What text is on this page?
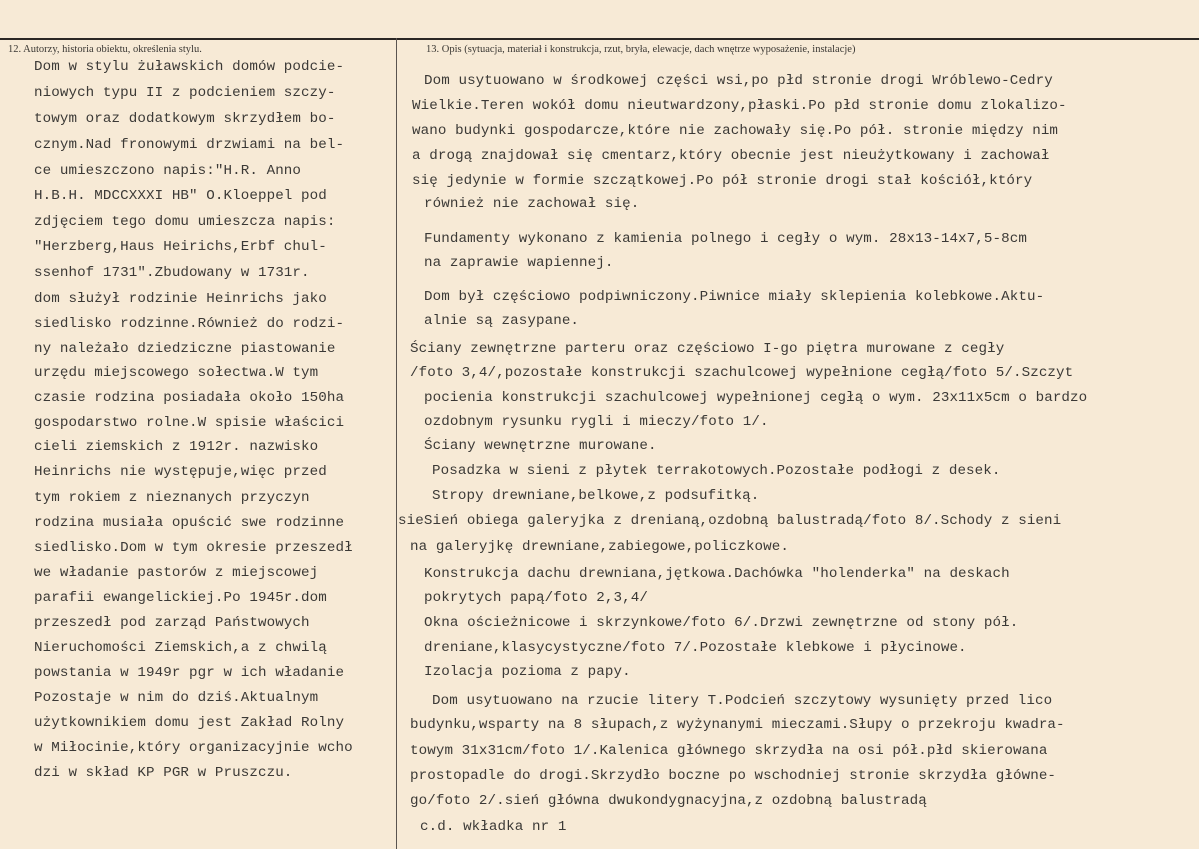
12. Autorzy, historia obiektu, określenia stylu.	13. Opis (sytuacja, materiał i konstrukcja, rzut, bryła, elewacje, dach wnętrze wyposażenie, instalacje)
Dom w stylu żuławskich domów podcie-
niowych typu II z podcieniem szczy-
towym oraz dodatkowym skrzydłem bo-
cznym.Nad fronowymi drzwiami na bel-
ce umieszczono napis:"H.R. Anno
H.B.H. MDCCXXXI HB" O.Kloeppel pod
zdjęciem tego domu umieszcza napis:
"Herzberg,Haus Heirichs,Erbf chul-
ssenhof 1731".Zbudowany w 1731r.
dom służył rodzinie Heinrichs jako
siedlisko rodzinne.Również do rodzi-
ny należało dziedziczne piastowanie
urzędu miejscowego sołectwa.W tym
czasie rodzina posiadała około 150ha
gospodarstwo rolne.W spisie właścici
cieli ziemskich z 1912r. nazwisko
Heinrichs nie występuje,więc przed
tym rokiem z nieznanych przyczyn
rodzina musiała opuścić swe rodzinne
siedlisko.Dom w tym okresie przeszedł
we władanie pastorów z miejscowej
parafii ewangelickiej.Po 1945r.dom
przeszedł pod zarząd Państwowych
Nieruchomości Ziemskich,a z chwilą
powstania w 1949r pgr w ich władanie
Pozostaje w nim do dziś.Aktualnym
użytkownikiem domu jest Zakład Rolny
w Miłocinie,który organizacyjnie wcho
dzi w skład KP PGR w Pruszczu.
Dom usytuowano w środkowej części wsi,po płd stronie drogi Wróblewo-Cedry
Wielkie.Teren wokół domu nieutwardzony,płaski.Po płd stronie domu zlokalizo-
wano budynki gospodarcze,które nie zachowały się.Po pół. stronie między nim
a drogą znajdował się cmentarz,który obecnie jest nieużytkowany i zachował
się jedynie w formie szczątkowej.Po pół stronie drogi stał kościół,który
również nie zachował się.
Fundamenty wykonano z kamienia polnego i cegły o wym. 28x13-14x7,5-8cm
na zaprawie wapiennej.
Dom był częściowo podpiwniczony.Piwnice miały sklepienia kolebkowe.Aktu-
alnie są zasypane.
Ściany zewnętrzne parteru oraz częściowo I-go piętra murowane z cegły
/foto 3,4/,pozostałe konstrukcji szachulcowej wypełnione cegłą/foto 5/.Szczyt
pocienia konstrukcji szachulcowej wypełnionej cegłą o wym. 23x11x5cm o bardzo
ozdobnym rysunku rygli i mieczy/foto 1/.
Ściany wewnętrzne murowane.
Posadzka w sieni z płytek terrakotowych.Pozostałe podłogi z desek.
Stropy drewniane,belkowe,z podsufitką.
sieSień obiega galeryjka z drenianą,ozdobną balustradą/foto 8/.Schody z sieni
na galeryjkę drewniane,zabiegowe,policzkowe.
Konstrukcja dachu drewniana,jętkowa.Dachówka "holenderka" na deskach
pokrytych papą/foto 2,3,4/
Okna ościeżnicowe i skrzynkowe/foto 6/.Drzwi zewnętrzne od stony pół.
dreniane,klasycystyczne/foto 7/.Pozostałe klebkowe i płycinowe.
Izolacja pozioma z papy.
Dom usytuowano na rzucie litery T.Podcień szczytowy wysunięty przed lico
budynku,wsparty na 8 słupach,z wyżynanymi mieczami.Słupy o przekroju kwadra-
towym 31x31cm/foto 1/.Kalenica głównego skrzydła na osi pół.płd skierowana
prostopadle do drogi.Skrzydło boczne po wschodniej stronie skrzydła główne-
go/foto 2/.sień główna dwukondygnacyjna,z ozdobną balustradą
c.d. wkładka nr 1
